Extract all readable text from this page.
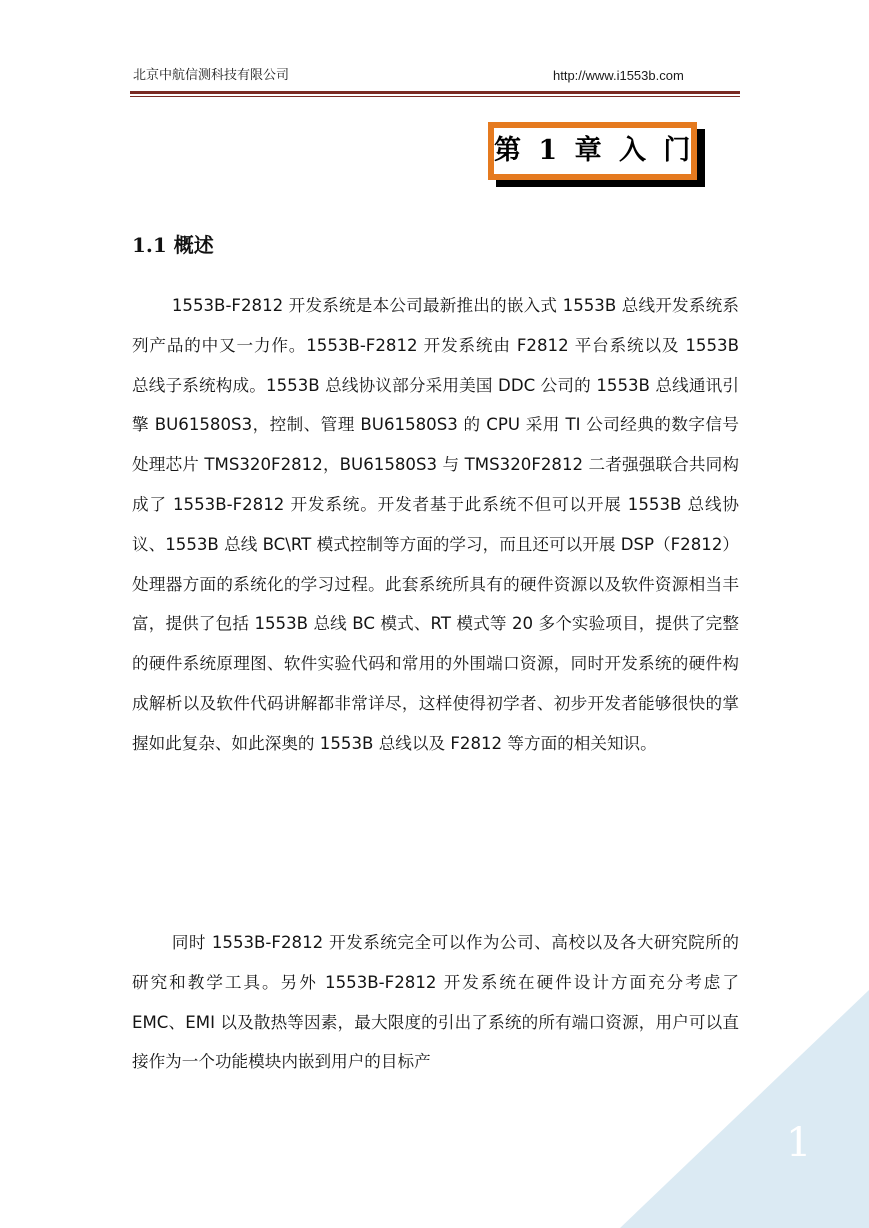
北京中航信测科技有限公司	http://www.i1553b.com
第 1 章 入 门
1.1 概述

1553B-F2812 开发系统是本公司最新推出的嵌入式 1553B 总线开发系统系列产品的中又一力作。1553B-F2812 开发系统由 F2812 平台系统以及 1553B 总线子系统构成。1553B 总线协议部分采用美国 DDC 公司的 1553B 总线通讯引擎 BU61580S3，控制、管理 BU61580S3 的 CPU 采用 TI 公司经典的数字信号处理芯片 TMS320F2812，BU61580S3 与 TMS320F2812 二者强强联合共同构成了 1553B-F2812 开发系统。开发者基于此系统不但可以开展 1553B 总线协议、1553B 总线 BC\RT 模式控制等方面的学习，而且还可以开展 DSP（F2812）处理器方面的系统化的学习过程。此套系统所具有的硬件资源以及软件资源相当丰富，提供了包括 1553B 总线 BC 模式、RT 模式等 20 多个实验项目，提供了完整的硬件系统原理图、软件实验代码和常用的外围端口资源，同时开发系统的硬件构成解析以及软件代码讲解都非常详尽，这样使得初学者、初步开发者能够很快的掌握如此复杂、如此深奥的 1553B 总线以及 F2812 等方面的相关知识。

同时 1553B-F2812 开发系统完全可以作为公司、高校以及各大研究院所的研究和教学工具。另外 1553B-F2812 开发系统在硬件设计方面充分考虑了 EMC、EMI 以及散热等因素，最大限度的引出了系统的所有端口资源，用户可以直接作为一个功能模块内嵌到用户的目标产

1
